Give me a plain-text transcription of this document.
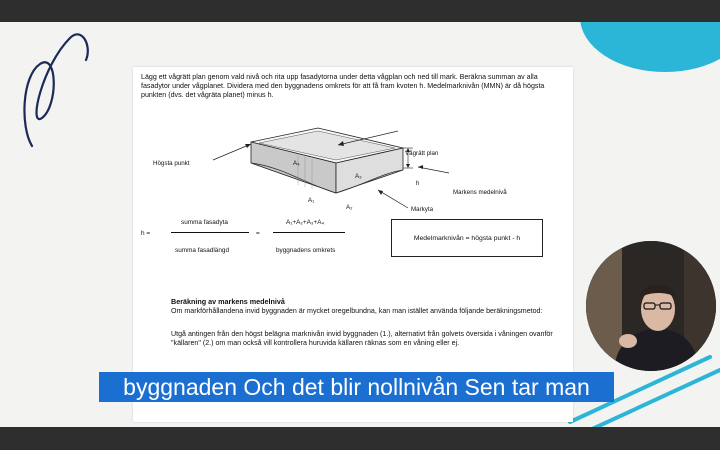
Lägg ett vågrätt plan genom vald nivå och rita upp fasadytorna under detta vågplan och ned till mark. Beräkna summan av alla fasadytor under vågplanet. Dividera med den byggnadens omkrets för att få fram kvoten h. Medelmarknivån (MMN) är då högsta punkten (dvs. det vågräta planet) minus h.
Högsta punkt
Vågrätt plan
h
Markens medelnivå
Markyta
A₄
A₃
A₁
A₂
h =
summa fasadyta
summa fasadlängd
=
A₁+A₂+A₃+A₄
byggnadens omkrets
Medelmarknivån = högsta punkt - h
Beräkning av markens medelnivå
Om markförhållandena invid byggnaden är mycket oregelbundna, kan man istället använda följande beräkningsmetod:
Utgå antingen från den högst belägna marknivån invid byggnaden (1.), alternativt från golvets översida i våningen ovanför "källaren" (2.) om man också vill kontrollera huruvida källaren räknas som en våning eller ej.
byggnaden Och det blir nollnivån Sen tar man
